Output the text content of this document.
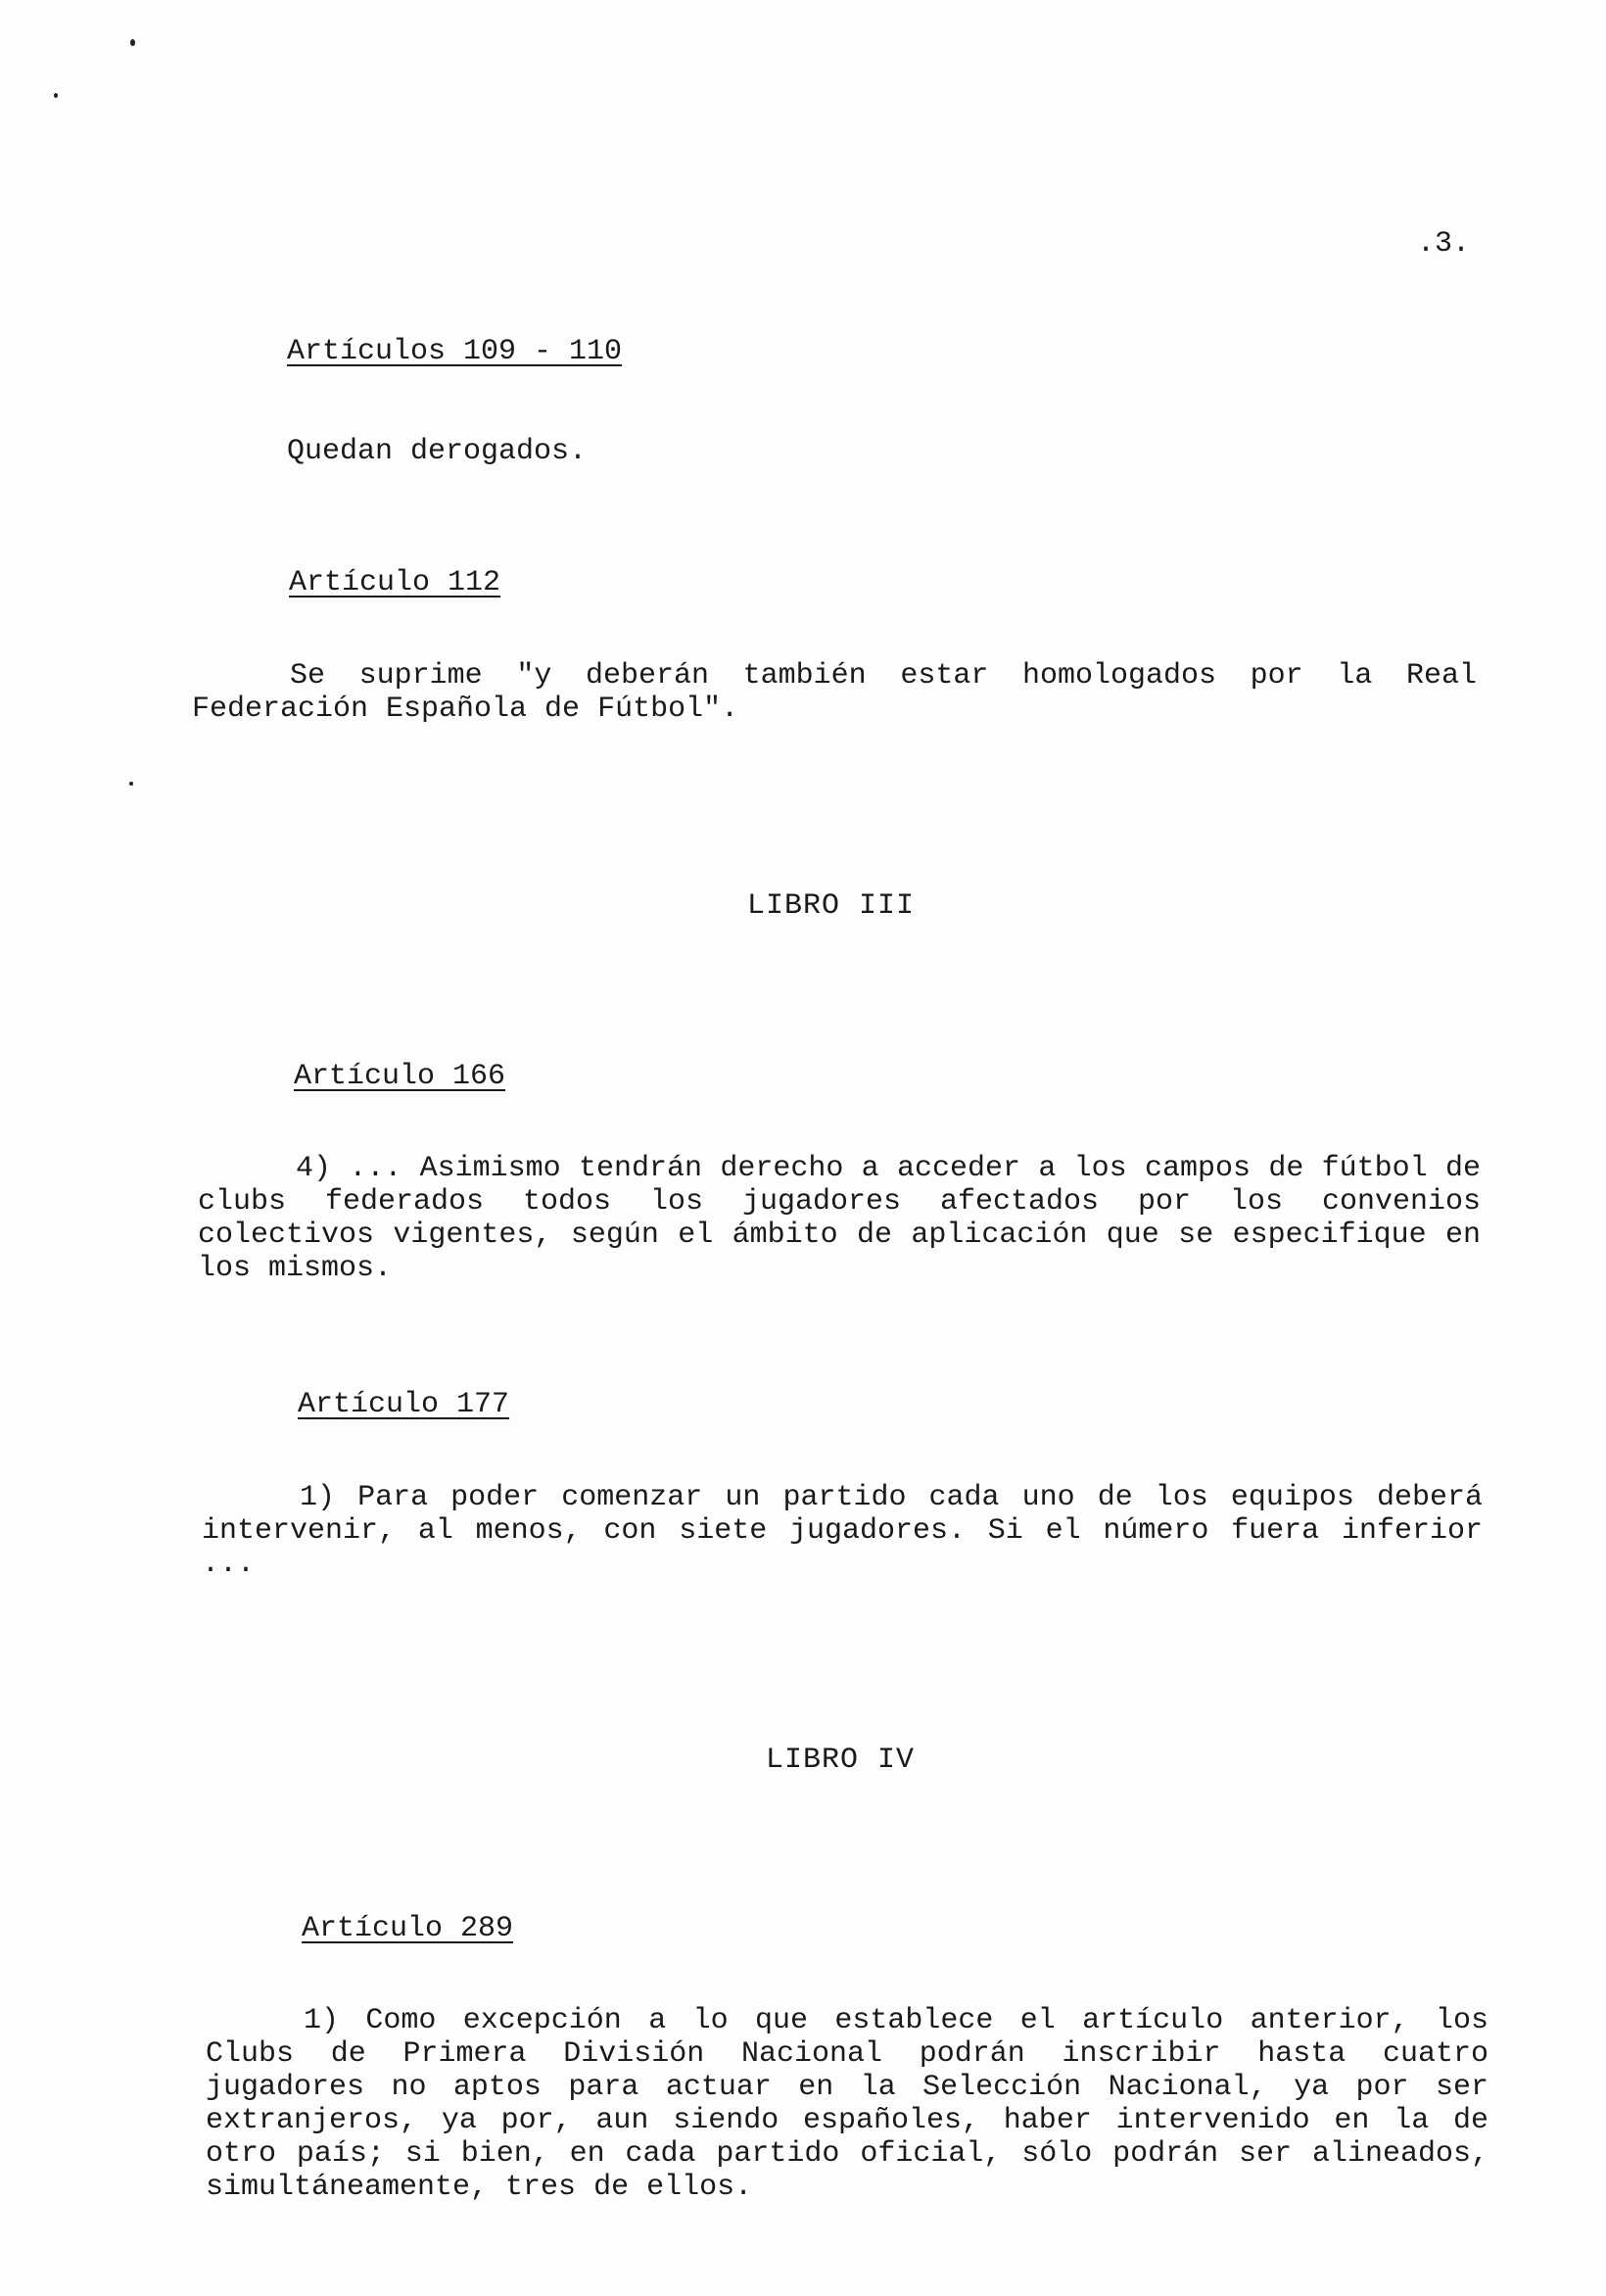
.3.
Artículos 109 - 110

Quedan derogados.

Artículo 112

Se suprime "y deberán también estar homologados por la Real Federación Española de Fútbol".

LIBRO III
Artículo 166

4) ... Asimismo tendrán derecho a acceder a los campos de fútbol de clubs federados todos los jugadores afectados por los convenios colectivos vigentes, según el ámbito de aplicación que se especifique en los mismos.

Artículo 177

1) Para poder comenzar un partido cada uno de los equipos deberá intervenir, al menos, con siete jugadores. Si el número fuera inferior ...

LIBRO IV
Artículo 289

1) Como excepción a lo que establece el artículo anterior, los Clubs de Primera División Nacional podrán inscribir hasta cuatro jugadores no aptos para actuar en la Selección Nacional, ya por ser extranjeros, ya por, aun siendo españoles, haber intervenido en la de otro país; si bien, en cada partido oficial, sólo podrán ser alineados, simultáneamente, tres de ellos.
